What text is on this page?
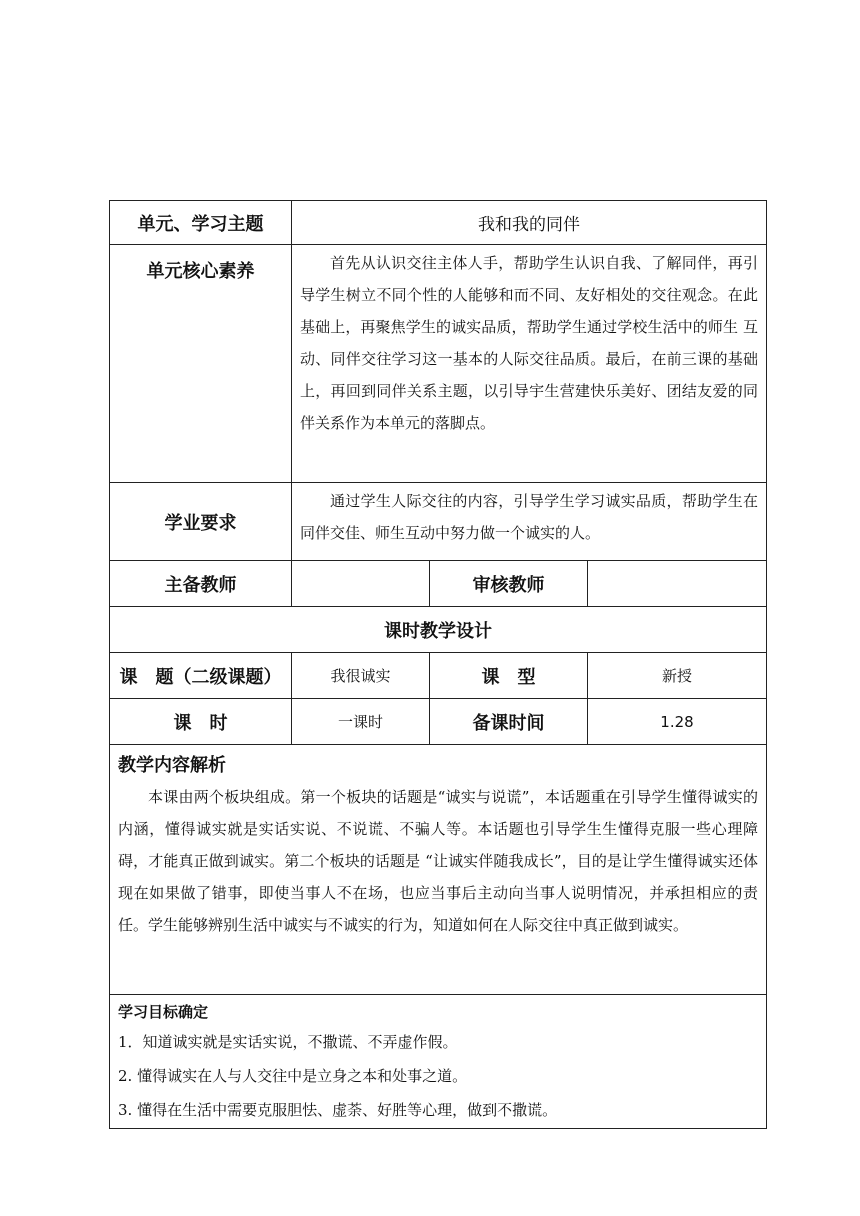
单元、学习主题	我和我的同伴		
单元核心素养	首先从认识交往主体人手，帮助学生认识自我、了解同伴，再引导学生树立不同个性的人能够和而不同、友好相处的交往观念。在此基础上，再聚焦学生的诚实品质，帮助学生通过学校生活中的师生 互动、同伴交往学习这一基本的人际交往品质。最后，在前三课的基础上，再回到同伴关系主题，以引导宇生营建快乐美好、团结友爱的同伴关系作为本单元的落脚点。		
学业要求	通过学生人际交往的内容，引导学生学习诚实品质，帮助学生在同伴交佳、师生互动中努力做一个诚实的人。		
主备教师		审核教师	
课时教学设计			
课　题（二级课题）	我很诚实	课　型	新授
课　时	一课时	备课时间	1.28

教学内容解析
本课由两个板块组成。第一个板块的话题是“诚实与说谎”，本话题重在引导学生懂得诚实的内涵，懂得诚实就是实话实说、不说谎、不骗人等。本话题也引导学生生懂得克服一些心理障碍，才能真正做到诚实。第二个板块的话题是 “让诚实伴随我成长”，目的是让学生懂得诚实还体现在如果做了错事，即使当事人不在场，也应当事后主动向当事人说明情况，并承担相应的责任。学生能够辨别生活中诚实与不诚实的行为，知道如何在人际交往中真正做到诚实。			

学习目标确定
1．知道诚实就是实话实说，不撒谎、不弄虚作假。
2. 懂得诚实在人与人交往中是立身之本和处事之道。
3. 懂得在生活中需要克服胆怯、虚荼、好胜等心理，做到不撒谎。			
